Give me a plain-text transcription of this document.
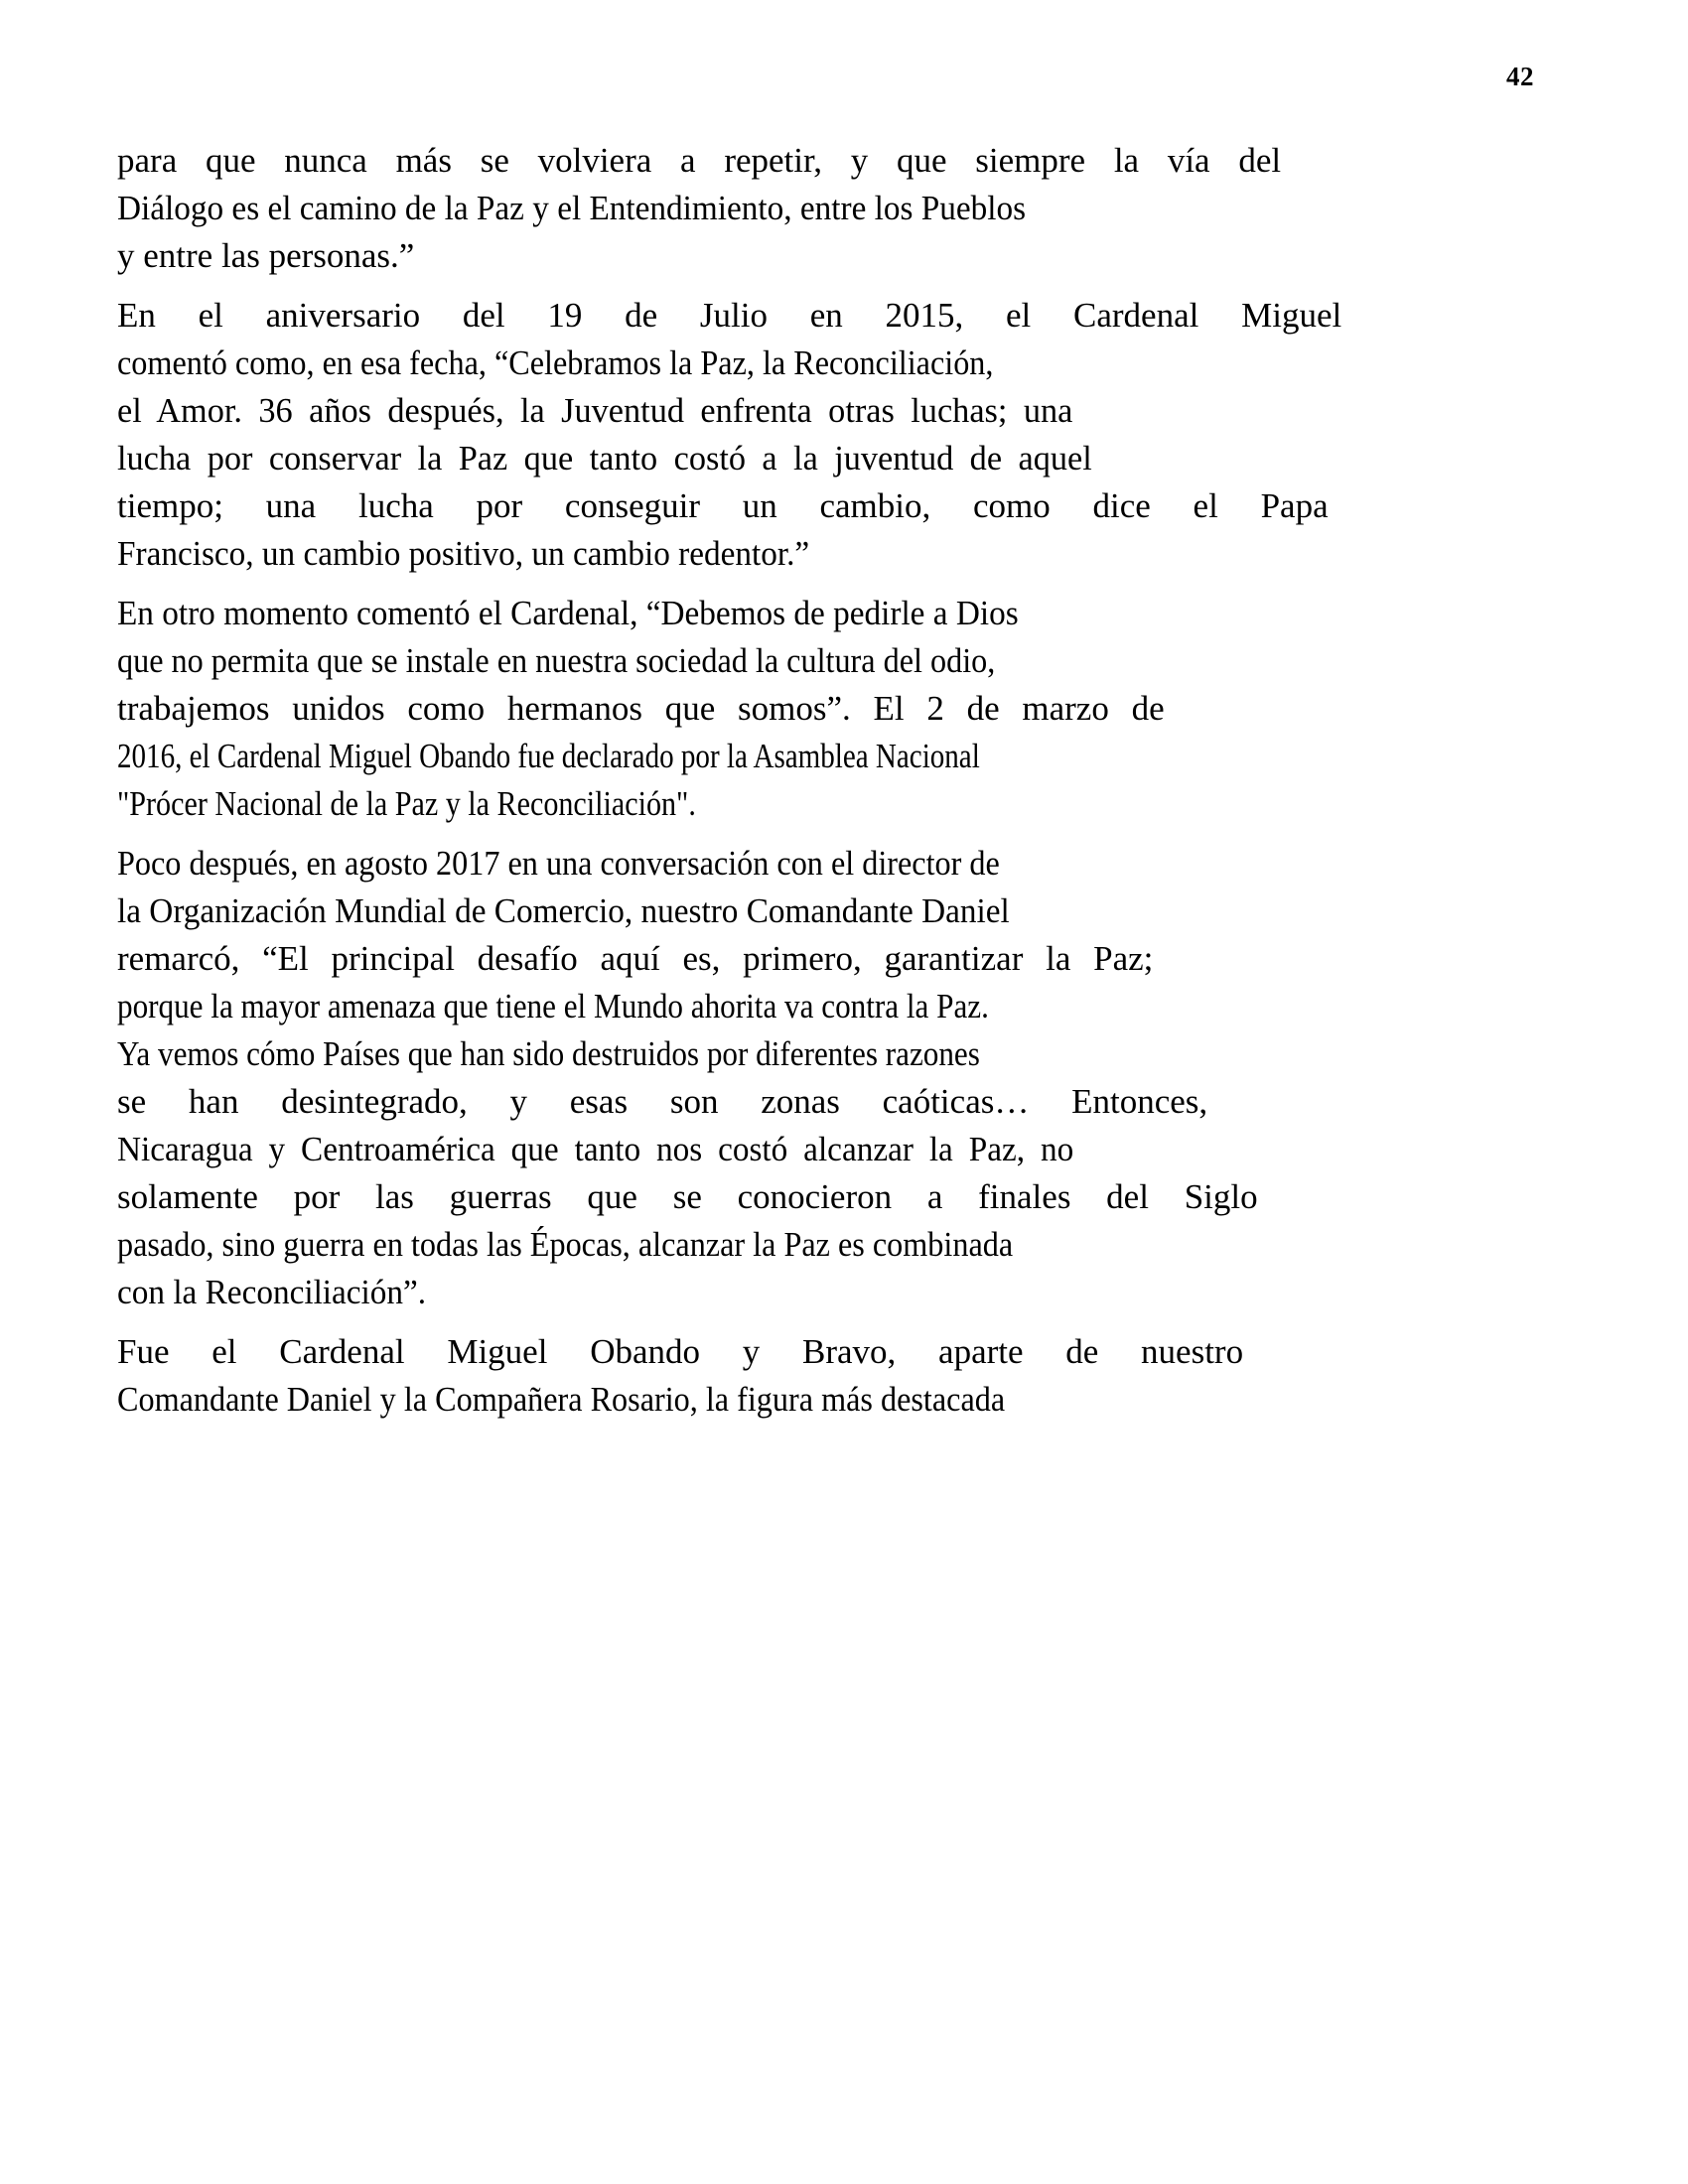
42

para que nunca más se volviera a repetir, y que siempre la vía del
Diálogo es el camino de la Paz y el Entendimiento, entre los Pueblos
y entre las personas.”

En el aniversario del 19 de Julio en 2015, el Cardenal Miguel
comentó como, en esa fecha, “Celebramos la Paz, la Reconciliación,
el Amor. 36 años después, la Juventud enfrenta otras luchas; una
lucha por conservar la Paz que tanto costó a la juventud de aquel
tiempo; una lucha por conseguir un cambio, como dice el Papa
Francisco, un cambio positivo, un cambio redentor.”

En otro momento comentó el Cardenal, “Debemos de pedirle a Dios
que no permita que se instale en nuestra sociedad la cultura del odio,
trabajemos unidos como hermanos que somos”. El 2 de marzo de
2016, el Cardenal Miguel Obando fue declarado por la Asamblea Nacional
"Prócer Nacional de la Paz y la Reconciliación".

Poco después, en agosto 2017 en una conversación con el director de
la Organización Mundial de Comercio, nuestro Comandante Daniel
remarcó, “El principal desafío aquí es, primero, garantizar la Paz;
porque la mayor amenaza que tiene el Mundo ahorita va contra la Paz.
Ya vemos cómo Países que han sido destruidos por diferentes razones
se han desintegrado, y esas son zonas caóticas… Entonces,
Nicaragua y Centroamérica que tanto nos costó alcanzar la Paz, no
solamente por las guerras que se conocieron a finales del Siglo
pasado, sino guerra en todas las Épocas, alcanzar la Paz es combinada
con la Reconciliación”.

Fue el Cardenal Miguel Obando y Bravo, aparte de nuestro
Comandante Daniel y la Compañera Rosario, la figura más destacada
